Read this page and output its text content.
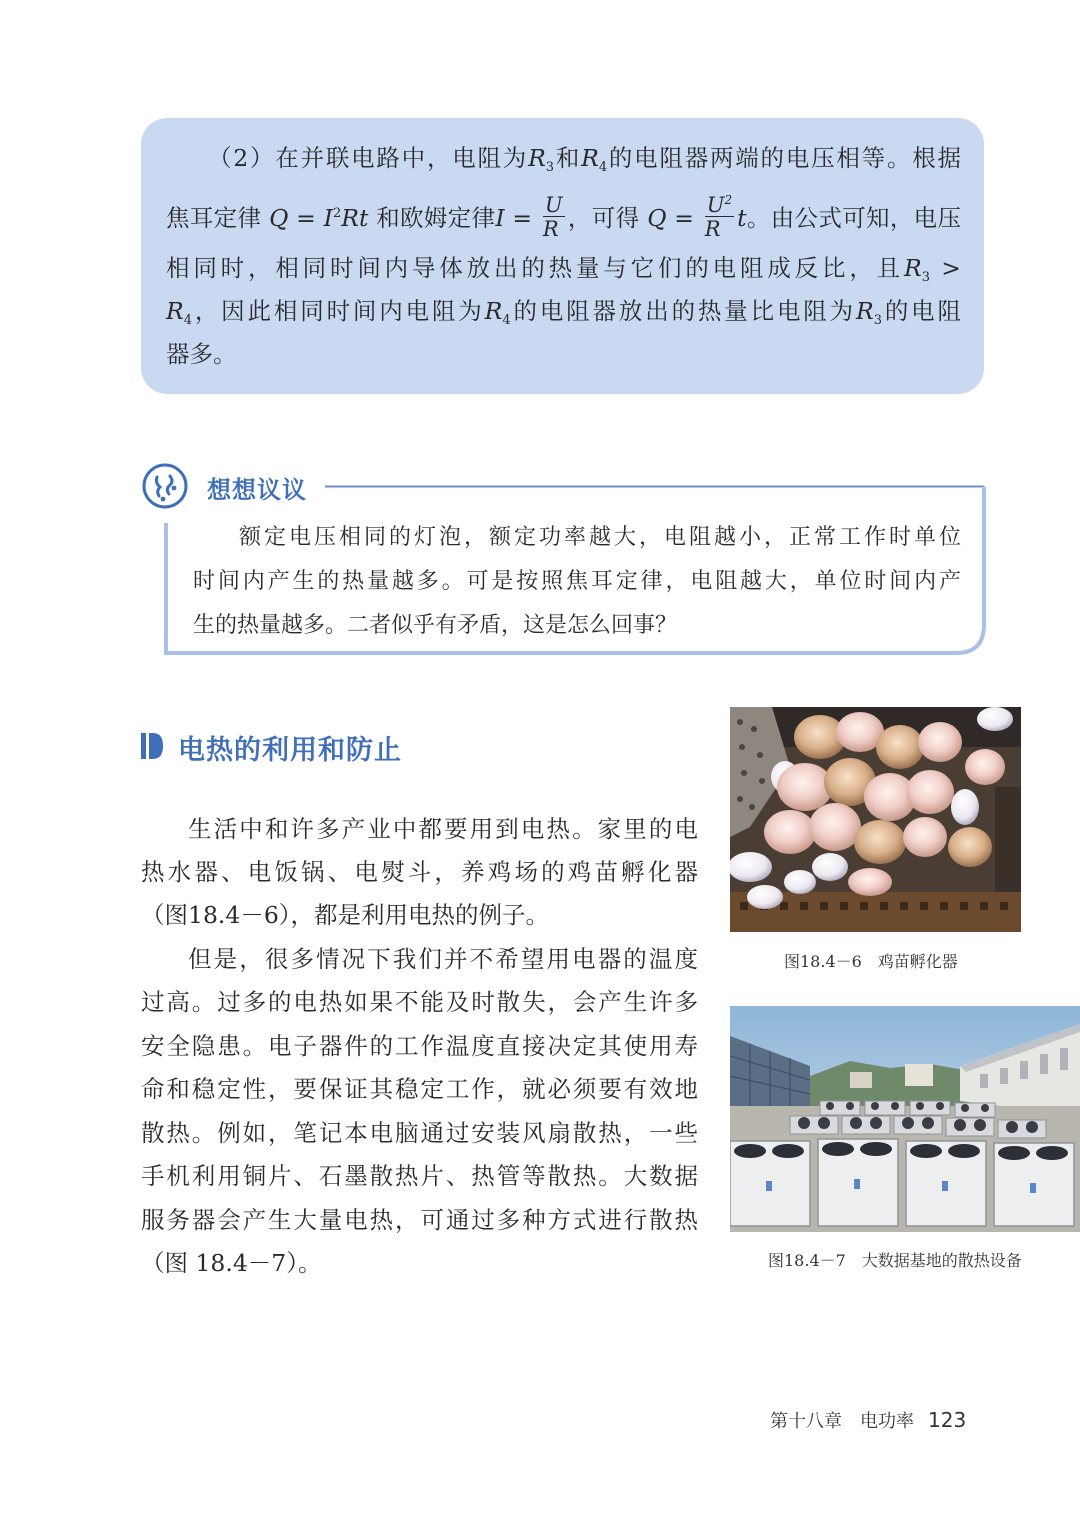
（2）在并联电路中，电阻为$R_3$和$R_4$的电阻器两端的电压相等。根据
焦耳定律 $Q = I^2Rt$ 和欧姆定律$I = \frac{U}{R}$ ，可得 $Q = \frac{U^2}{R}$ t。由公式可知，电压
相同时，相同时间内导体放出的热量与它们的电阻成反比，且$R_3$ >
$R_4$，因此相同时间内电阻为$R_4$的电阻器放出的热量比电阻为$R_3$的电阻
器多。
想想议议
额定电压相同的灯泡，额定功率越大，电阻越小，正常工作时单位
时间内产生的热量越多。可是按照焦耳定律，电阻越大，单位时间内产
生的热量越多。二者似乎有矛盾，这是怎么回事？
电热的利用和防止
生活中和许多产业中都要用到电热。家里的电
热水器、电饭锅、电熨斗，养鸡场的鸡苗孵化器
（图18.4－6），都是利用电热的例子。
但是，很多情况下我们并不希望用电器的温度
过高。过多的电热如果不能及时散失，会产生许多
安全隐患。电子器件的工作温度直接决定其使用寿
命和稳定性，要保证其稳定工作，就必须要有效地
散热。例如，笔记本电脑通过安装风扇散热，一些
手机利用铜片、石墨散热片、热管等散热。大数据
服务器会产生大量电热，可通过多种方式进行散热
（图 18.4－7）。
图18.4－6　鸡苗孵化器
图18.4－7　大数据基地的散热设备
第十八章　电功率 123
